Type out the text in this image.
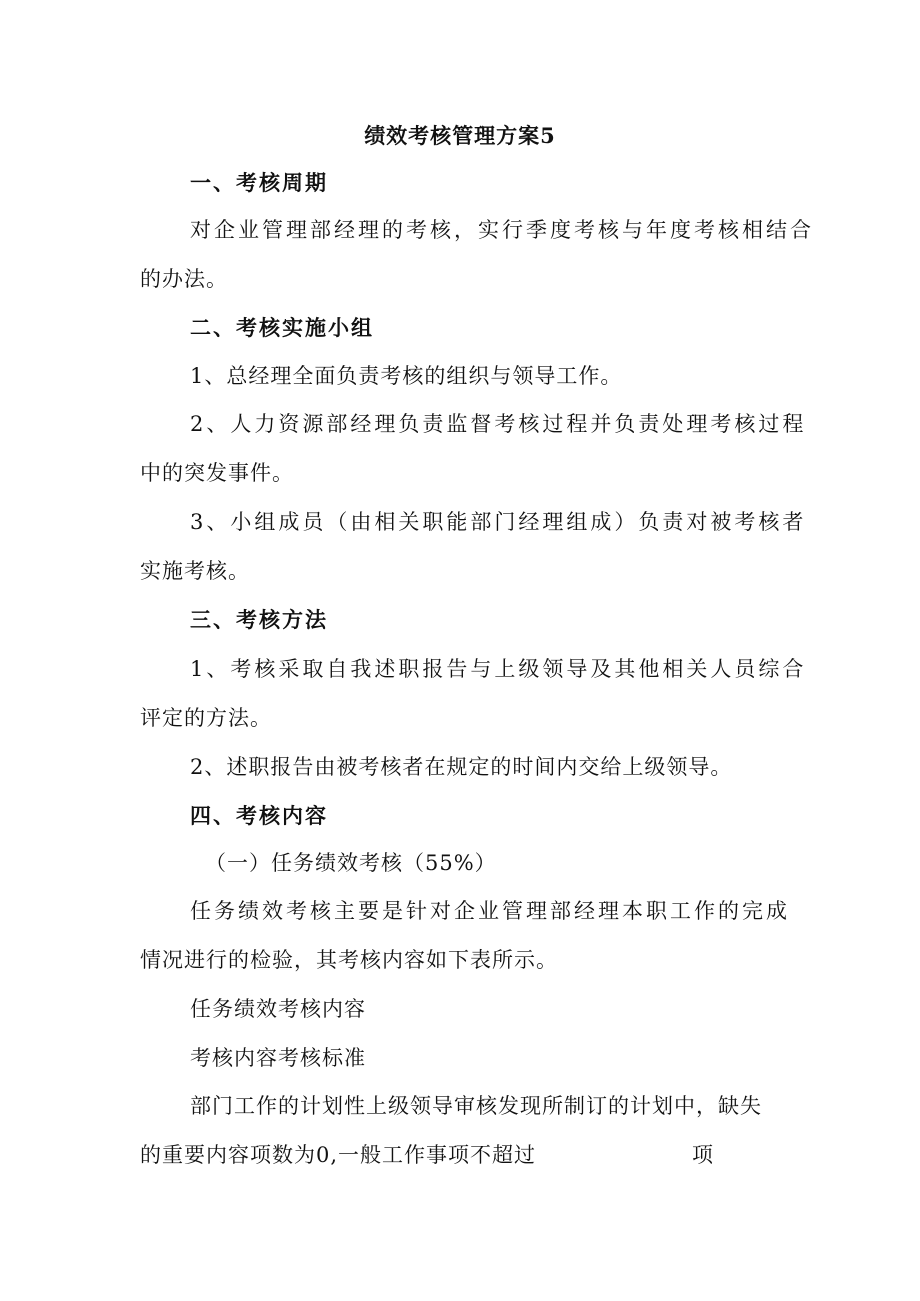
绩效考核管理方案5
一、考核周期
对企业管理部经理的考核，实行季度考核与年度考核相结合
的办法。
二、考核实施小组
1、总经理全面负责考核的组织与领导工作。
2、人力资源部经理负责监督考核过程并负责处理考核过程
中的突发事件。
3、小组成员（由相关职能部门经理组成）负责对被考核者
实施考核。
三、考核方法
1、考核采取自我述职报告与上级领导及其他相关人员综合
评定的方法。
2、述职报告由被考核者在规定的时间内交给上级领导。
四、考核内容
（一）任务绩效考核（55%）
任务绩效考核主要是针对企业管理部经理本职工作的完成
情况进行的检验，其考核内容如下表所示。
任务绩效考核内容
考核内容考核标准
部门工作的计划性上级领导审核发现所制订的计划中，缺失
的重要内容项数为0,一般工作事项不超过	项
